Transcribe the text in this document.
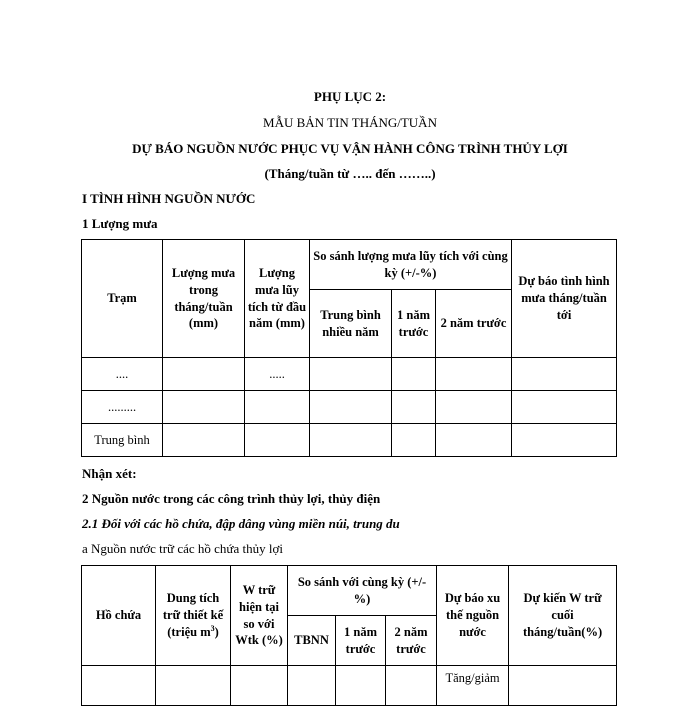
PHỤ LỤC 2:
MẪU BẢN TIN THÁNG/TUẦN
DỰ BÁO NGUỒN NƯỚC PHỤC VỤ VẬN HÀNH CÔNG TRÌNH THỦY LỢI
(Tháng/tuần từ ….. đến ……..)
I TÌNH HÌNH NGUỒN NƯỚC
1 Lượng mưa
Trạm	Lượng mưa trong tháng/tuần (mm)	Lượng mưa lũy tích từ đầu năm (mm)	So sánh lượng mưa lũy tích với cùng kỳ (+/-%)			Dự báo tình hình mưa tháng/tuần tới
			Trung bình nhiều năm	1 năm trước	2 năm trước	
....		.....				
.........						
Trung bình						
Nhận xét:
2 Nguồn nước trong các công trình thủy lợi, thủy điện
2.1 Đối với các hồ chứa, đập dâng vùng miền núi, trung du
a Nguồn nước trữ các hồ chứa thủy lợi
Hồ chứa	Dung tích trữ thiết kế (triệu $m^3$)	W trữ hiện tại so với Wtk (%)	So sánh với cùng kỳ (+/-%)			Dự báo xu thế nguồn nước	Dự kiến W trữ cuối tháng/tuần(%)
			TBNN	1 năm trước	2 năm trước		
						Tăng/giảm	
